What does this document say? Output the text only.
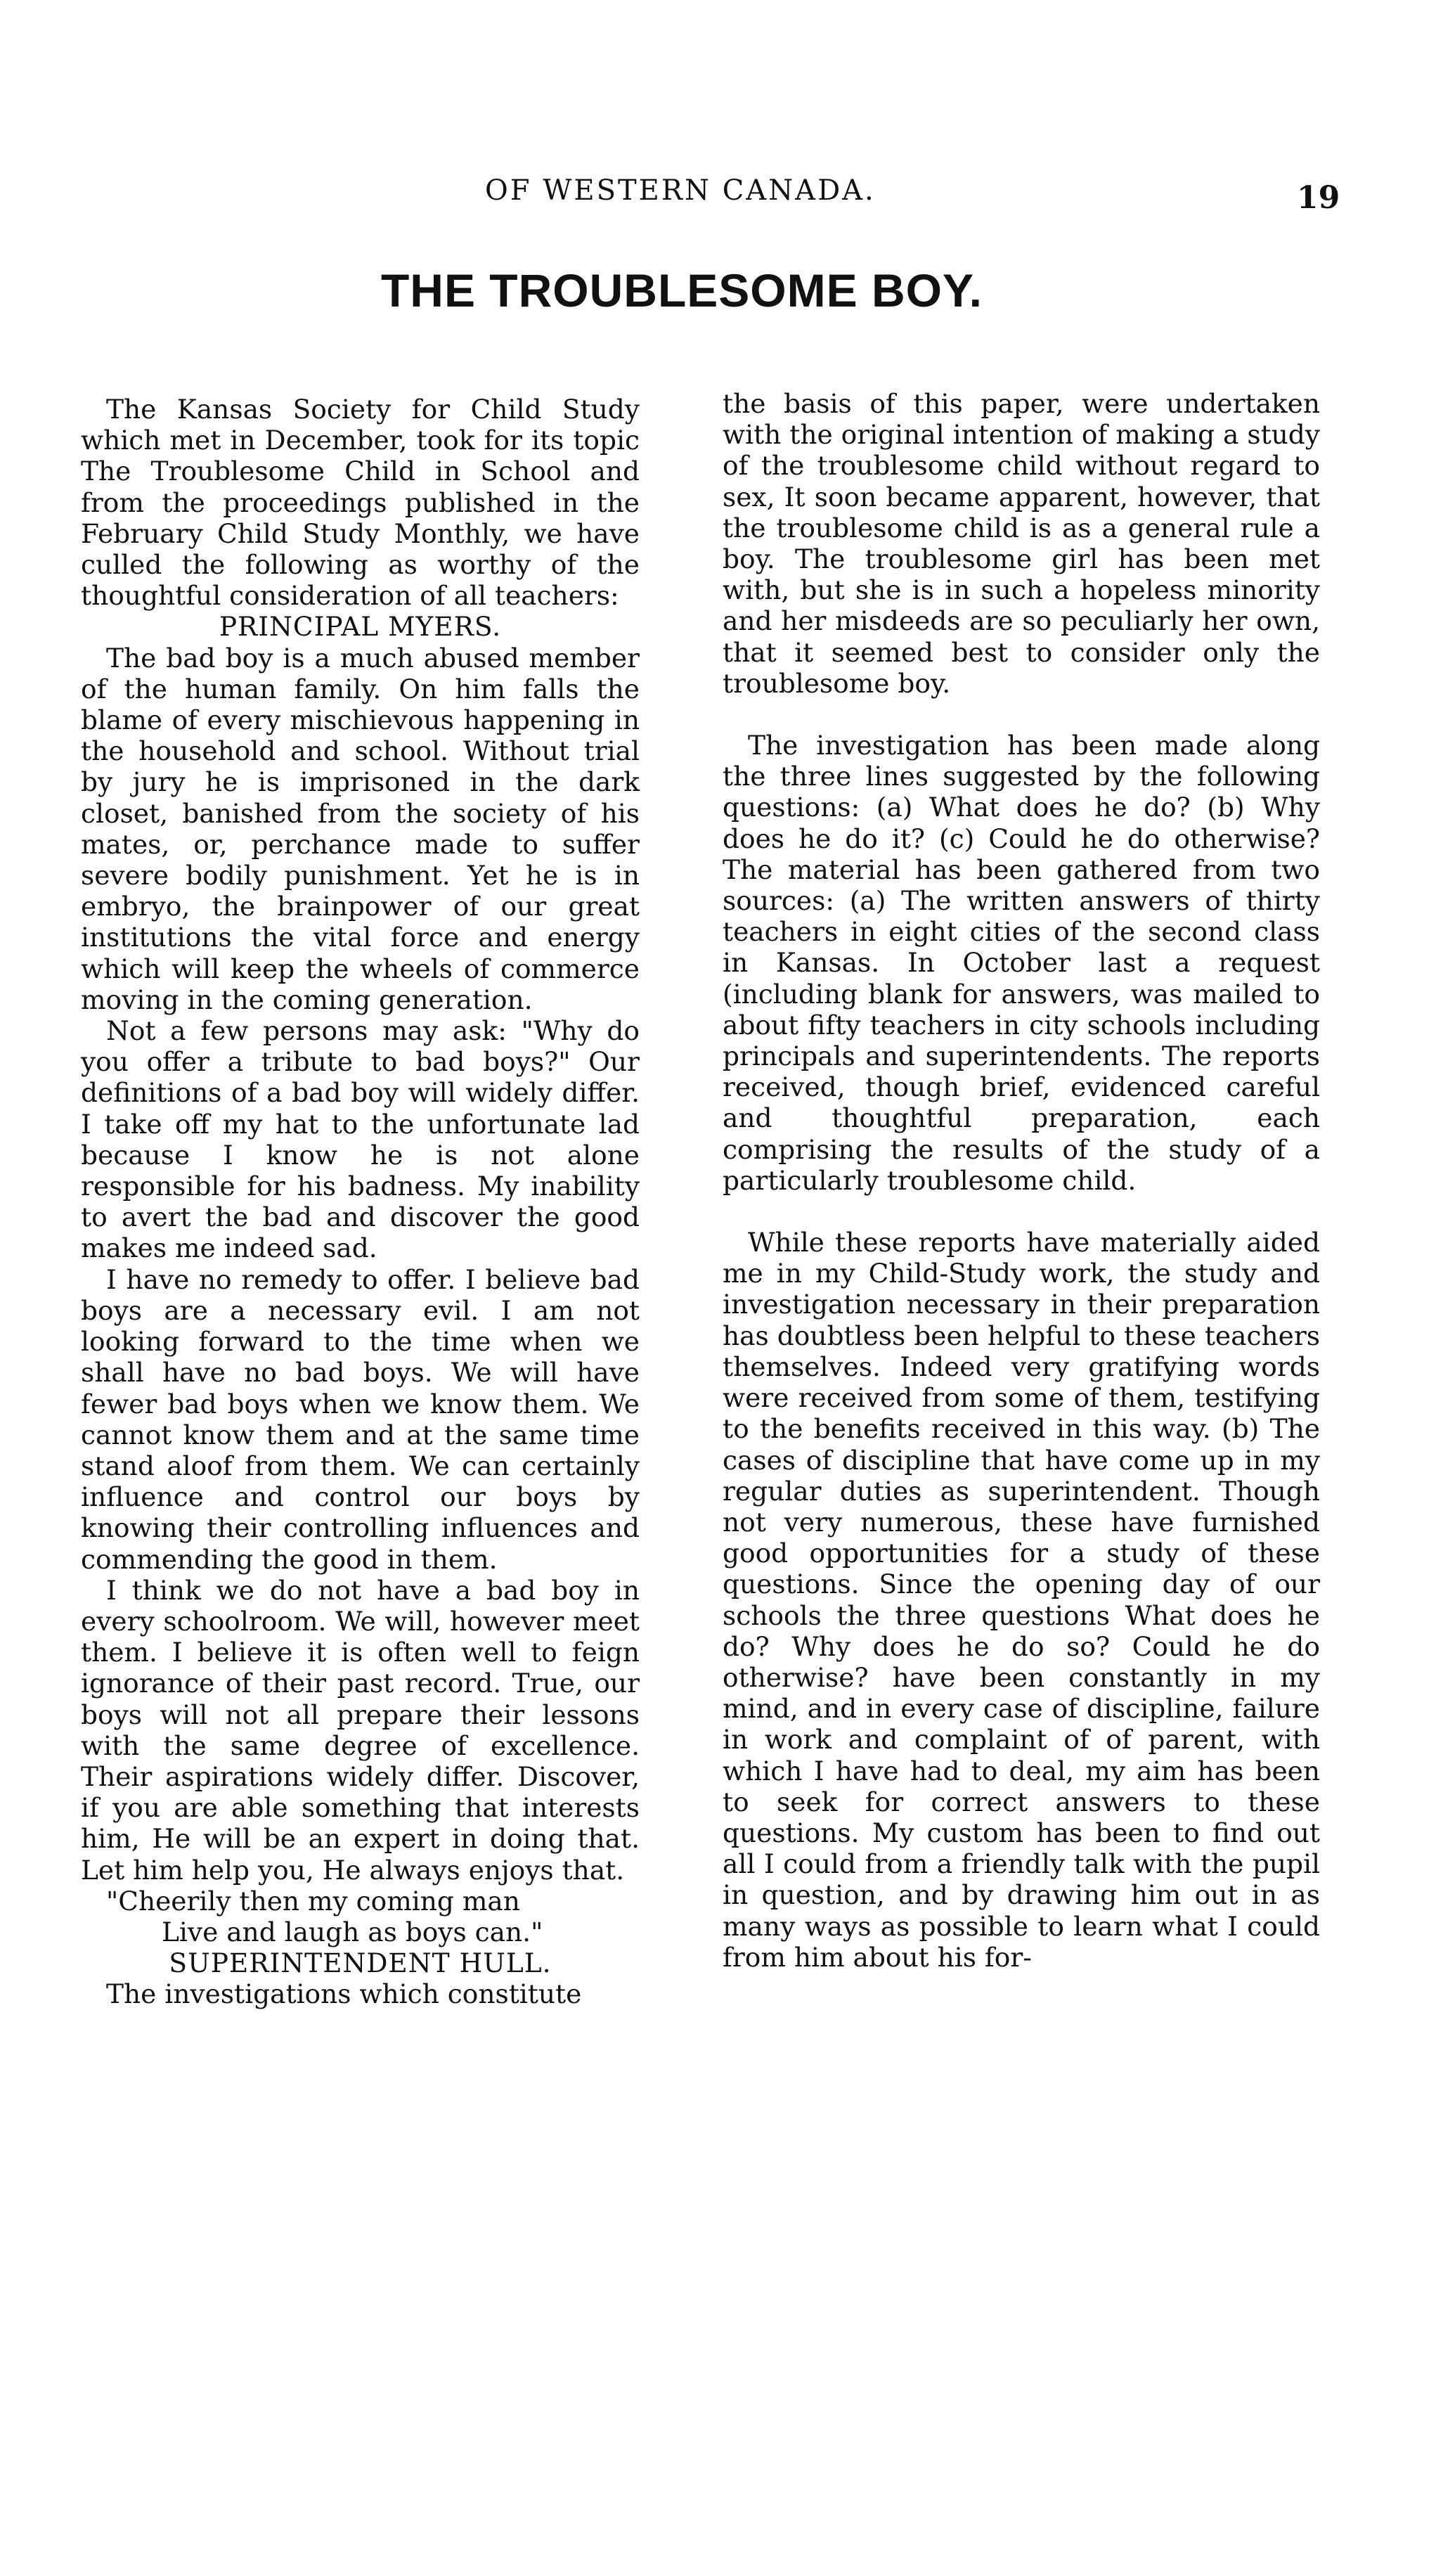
OF WESTERN CANADA.	19
THE TROUBLESOME BOY.

The Kansas Society for Child Study which met in December, took for its topic The Troublesome Child in School and from the proceedings published in the February Child Study Monthly, we have culled the following as worthy of the thoughtful consideration of all teachers:

PRINCIPAL MYERS.

The bad boy is a much abused member of the human family. On him falls the blame of every mischievous happening in the household and school. Without trial by jury he is imprisoned in the dark closet, banished from the society of his mates, or, perchance made to suffer severe bodily punishment. Yet he is in embryo, the brainpower of our great institutions the vital force and energy which will keep the wheels of commerce moving in the coming generation.

Not a few persons may ask: "Why do you offer a tribute to bad boys?" Our definitions of a bad boy will widely differ. I take off my hat to the unfortunate lad because I know he is not alone responsible for his badness. My inability to avert the bad and discover the good makes me indeed sad.

I have no remedy to offer. I believe bad boys are a necessary evil. I am not looking forward to the time when we shall have no bad boys. We will have fewer bad boys when we know them. We cannot know them and at the same time stand aloof from them. We can certainly influence and control our boys by knowing their controlling influences and commending the good in them.

I think we do not have a bad boy in every schoolroom. We will, however meet them. I believe it is often well to feign ignorance of their past record. True, our boys will not all prepare their lessons with the same degree of excellence. Their aspirations widely differ. Discover, if you are able something that interests him, He will be an expert in doing that. Let him help you, He always enjoys that.

"Cheerily then my coming man
Live and laugh as boys can."
SUPERINTENDENT HULL.

The investigations which constitute

the basis of this paper, were undertaken with the original intention of making a study of the troublesome child without regard to sex, It soon became apparent, however, that the troublesome child is as a general rule a boy. The troublesome girl has been met with, but she is in such a hopeless minority and her misdeeds are so peculiarly her own, that it seemed best to consider only the troublesome boy.

The investigation has been made along the three lines suggested by the following questions: (a) What does he do? (b) Why does he do it? (c) Could he do otherwise? The material has been gathered from two sources: (a) The written answers of thirty teachers in eight cities of the second class in Kansas. In October last a request (including blank for answers, was mailed to about fifty teachers in city schools including principals and superintendents. The reports received, though brief, evidenced careful and thoughtful preparation, each comprising the results of the study of a particularly troublesome child.

While these reports have materially aided me in my Child-Study work, the study and investigation necessary in their preparation has doubtless been helpful to these teachers themselves. Indeed very gratifying words were received from some of them, testifying to the benefits received in this way. (b) The cases of discipline that have come up in my regular duties as superintendent. Though not very numerous, these have furnished good opportunities for a study of these questions. Since the opening day of our schools the three questions What does he do? Why does he do so? Could he do otherwise? have been constantly in my mind, and in every case of discipline, failure in work and complaint of of parent, with which I have had to deal, my aim has been to seek for correct answers to these questions. My custom has been to find out all I could from a friendly talk with the pupil in question, and by drawing him out in as many ways as possible to learn what I could from him about his for-
